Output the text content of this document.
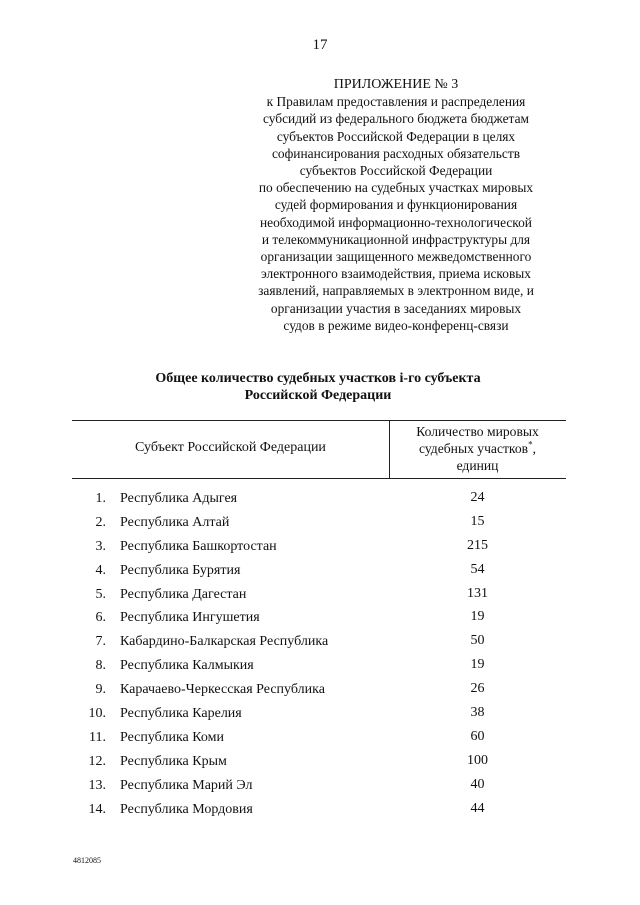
17
ПРИЛОЖЕНИЕ № 3
к Правилам предоставления и распределения
субсидий из федерального бюджета бюджетам
субъектов Российской Федерации в целях
софинансирования расходных обязательств
субъектов Российской Федерации
по обеспечению на судебных участках мировых
судей формирования и функционирования
необходимой информационно-технологической
и телекоммуникационной инфраструктуры для
организации защищенного межведомственного
электронного взаимодействия, приема исковых
заявлений, направляемых в электронном виде, и
организации участия в заседаниях мировых
судов в режиме видео-конференц-связи
Общее количество судебных участков i-го субъекта
Российской Федерации
Субъект Российской Федерации
Количество мировых
судебных участков*,
единиц
1. Республика Адыгея	24
2. Республика Алтай	15
3. Республика Башкортостан	215
4. Республика Бурятия	54
5. Республика Дагестан	131
6. Республика Ингушетия	19
7. Кабардино-Балкарская Республика	50
8. Республика Калмыкия	19
9. Карачаево-Черкесская Республика	26
10. Республика Карелия	38
11. Республика Коми	60
12. Республика Крым	100
13. Республика Марий Эл	40
14. Республика Мордовия	44
4812085
